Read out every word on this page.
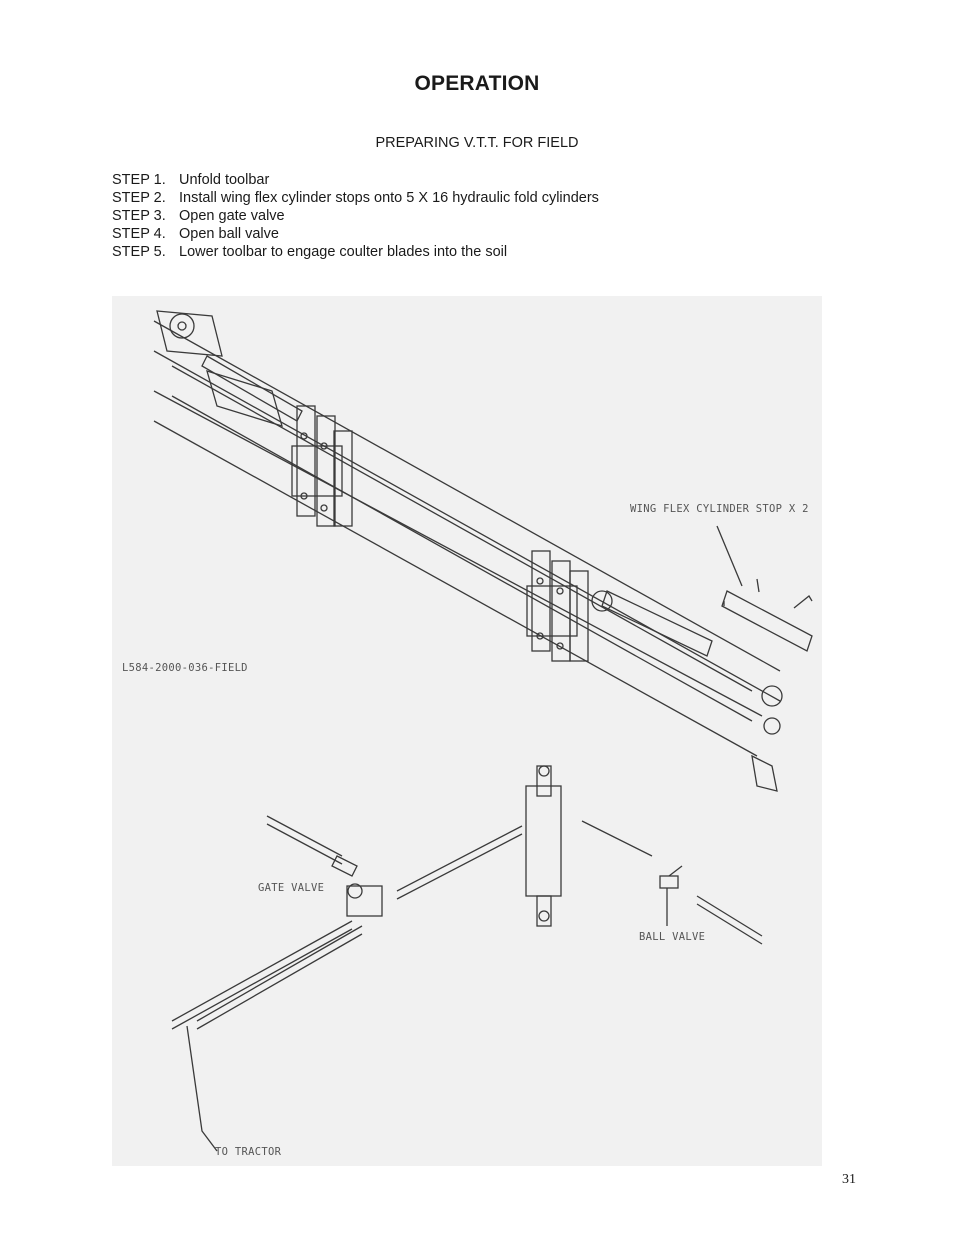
OPERATION
PREPARING V.T.T. FOR FIELD
STEP 1. Unfold toolbar
STEP 2. Install wing flex cylinder stops onto 5 X 16 hydraulic fold cylinders
STEP 3. Open gate valve
STEP 4. Open ball valve
STEP 5. Lower toolbar to engage coulter blades into the soil
WING FLEX CYLINDER STOP X 2
L584-2000-036-FIELD
GATE VALVE
BALL VALVE
TO TRACTOR
31
